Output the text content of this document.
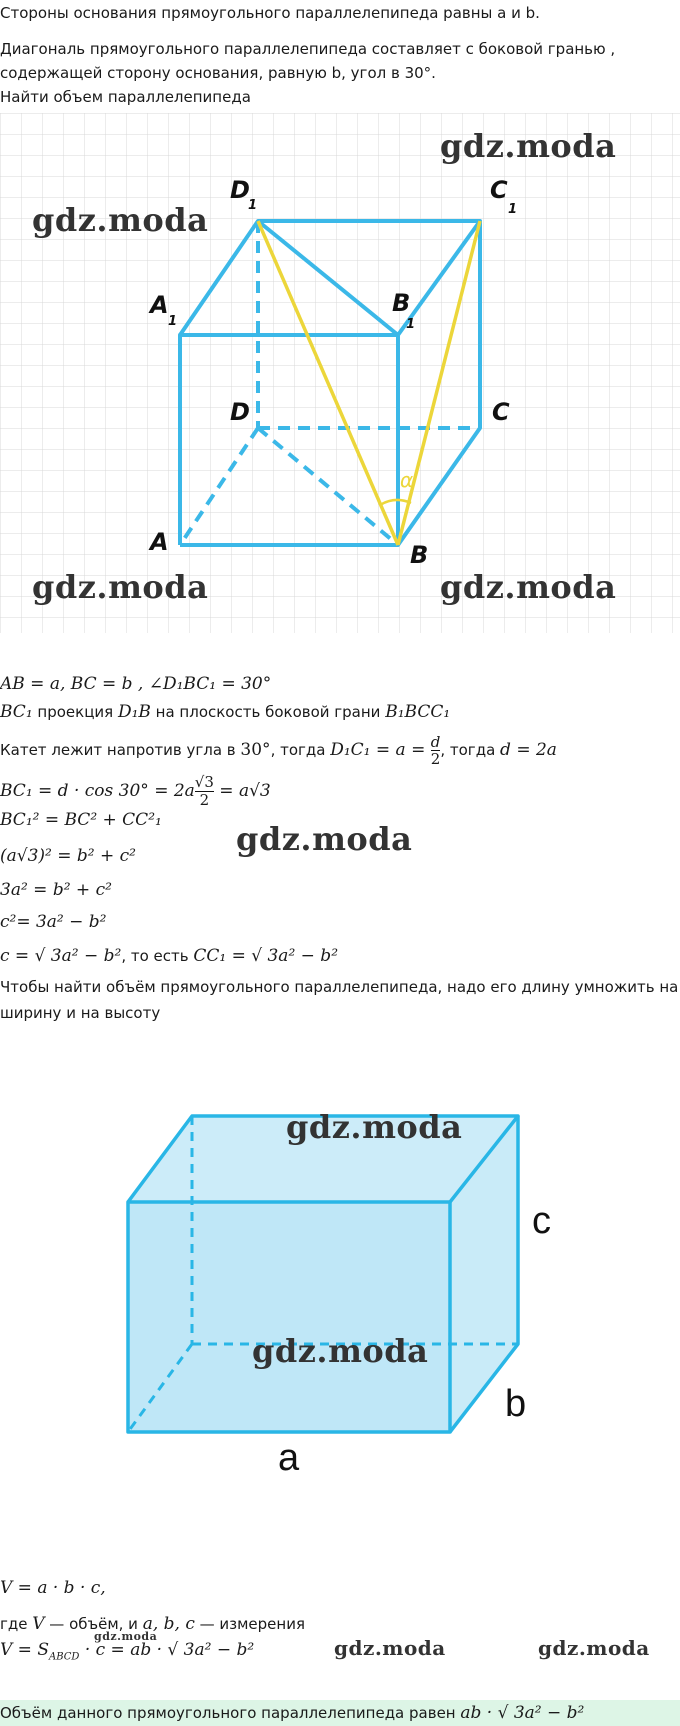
Стороны основания прямоугольного параллелепипеда равны a и b.
Диагональ прямоугольного параллелепипеда составляет с боковой гранью ,
содержащей сторону основания, равную b, угол в 30°.
Найти объем параллелепипеда
D
1
C
1
A
1
B
1
D	C
A	B
α
gdz.moda
gdz.moda
gdz.moda	gdz.moda
AB = a, BC = b , ∠D₁BC₁ = 30°
BC₁ проекция D₁B на плоскость боковой грани B₁BCC₁
Катет лежит напротив угла в 30°, тогда $D_1C_1 = a = \frac{d}{2}$ , тогда d = 2a
$BC_1 = d \cdot \cos 30^\circ = 2a \frac{√3}{2} = a√3$
BC₁² = BC² + CC²₁
(a√3)² = b² + c²
3a² = b² + c²
c²= 3a² − b²
c = √ 3a² − b², то есть CC₁ = √ 3a² − b²
Чтобы найти объём прямоугольного параллелепипеда, надо его длину умножить на
ширину и на высоту
gdz.moda
a
b
c
gdz.moda
gdz.moda
V = a · b · c,
где V — объём, и a, b, c — измерения
$V = S_{ABCD} \cdot c$ = ab · √ 3a² − b²
gdz.moda	gdz.moda	gdz.moda
Объём данного прямоугольного параллелепипеда равен ab · √ 3a² − b²
